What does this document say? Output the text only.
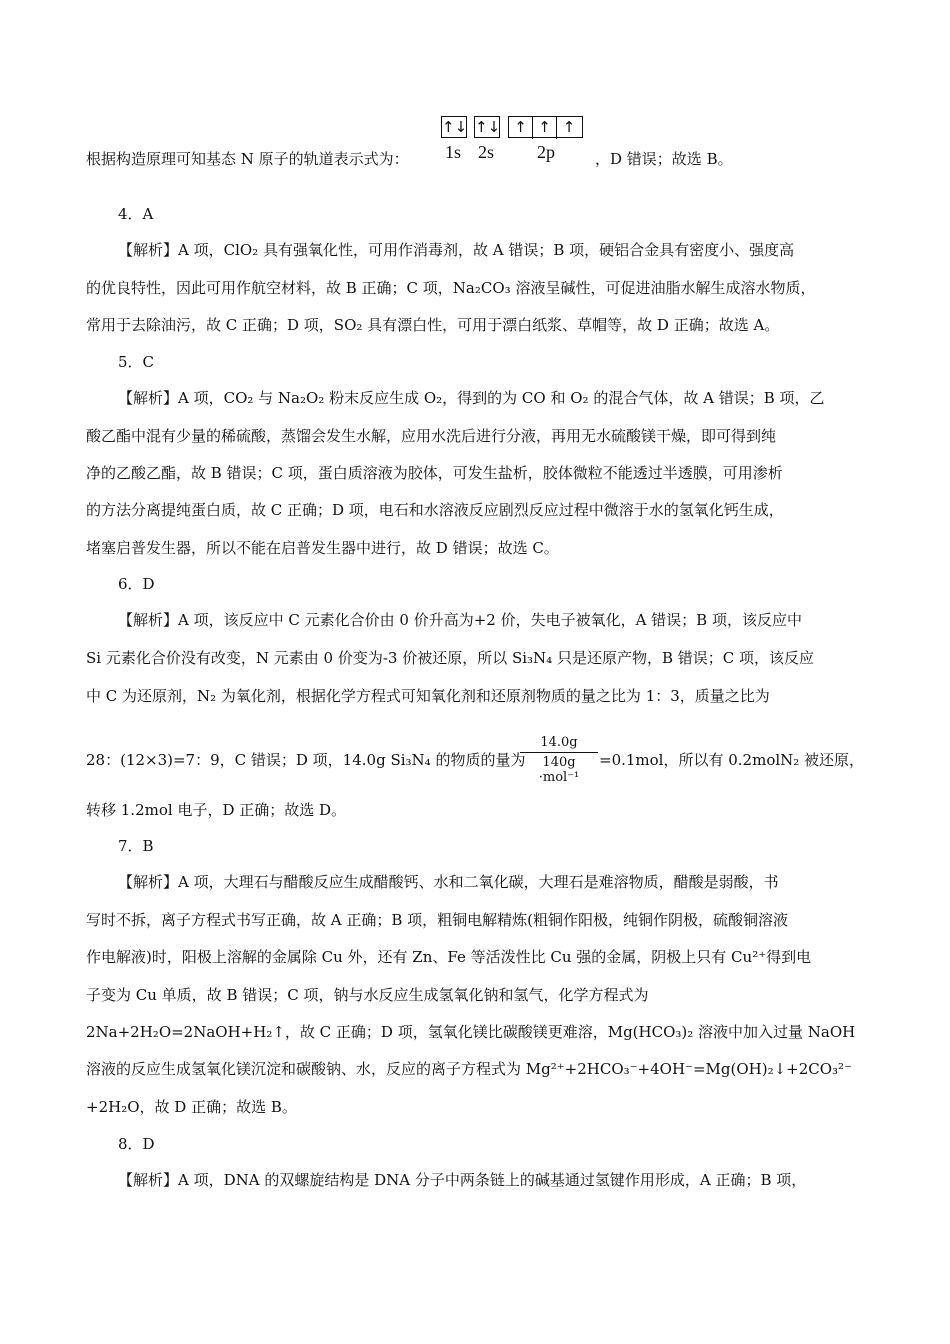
根据构造原理可知基态 N 原子的轨道表示式为：
↑↓ ↑↓ ↑ ↑ ↑
1s 2s 2p	，D 错误；故选 B。
4．A
【解析】A 项，ClO₂ 具有强氧化性，可用作消毒剂，故 A 错误；B 项，硬铝合金具有密度小、强度高
的优良特性，因此可用作航空材料，故 B 正确；C 项，Na₂CO₃ 溶液呈碱性，可促进油脂水解生成溶水物质，
常用于去除油污，故 C 正确；D 项，SO₂ 具有漂白性，可用于漂白纸浆、草帽等，故 D 正确；故选 A。
5．C
【解析】A 项，CO₂ 与 Na₂O₂ 粉末反应生成 O₂，得到的为 CO 和 O₂ 的混合气体，故 A 错误；B 项，乙
酸乙酯中混有少量的稀硫酸，蒸馏会发生水解，应用水洗后进行分液，再用无水硫酸镁干燥，即可得到纯
净的乙酸乙酯，故 B 错误；C 项，蛋白质溶液为胶体，可发生盐析，胶体微粒不能透过半透膜，可用渗析
的方法分离提纯蛋白质，故 C 正确；D 项，电石和水溶液反应剧烈反应过程中微溶于水的氢氧化钙生成，
堵塞启普发生器，所以不能在启普发生器中进行，故 D 错误；故选 C。
6．D
【解析】A 项，该反应中 C 元素化合价由 0 价升高为+2 价，失电子被氧化，A 错误；B 项，该反应中
Si 元素化合价没有改变，N 元素由 0 价变为-3 价被还原，所以 Si₃N₄ 只是还原产物，B 错误；C 项，该反应
中 C 为还原剂，N₂ 为氧化剂，根据化学方程式可知氧化剂和还原剂物质的量之比为 1：3，质量之比为
28：(12×3)=7：9，C 错误；D 项，14.0g Si₃N₄ 的物质的量为
14.0g
140g ·mol⁻¹
=0.1mol，所以有 0.2molN₂ 被还原，
转移 1.2mol 电子，D 正确；故选 D。
7．B
【解析】A 项，大理石与醋酸反应生成醋酸钙、水和二氧化碳，大理石是难溶物质，醋酸是弱酸，书
写时不拆，离子方程式书写正确，故 A 正确；B 项，粗铜电解精炼(粗铜作阳极，纯铜作阴极，硫酸铜溶液
作电解液)时，阳极上溶解的金属除 Cu 外，还有 Zn、Fe 等活泼性比 Cu 强的金属，阴极上只有 Cu²⁺得到电
子变为 Cu 单质，故 B 错误；C 项，钠与水反应生成氢氧化钠和氢气，化学方程式为
2Na+2H₂O=2NaOH+H₂↑，故 C 正确；D 项，氢氧化镁比碳酸镁更难溶，Mg(HCO₃)₂ 溶液中加入过量 NaOH
溶液的反应生成氢氧化镁沉淀和碳酸钠、水，反应的离子方程式为 Mg²⁺+2HCO₃⁻+4OH⁻=Mg(OH)₂↓+2CO₃²⁻
+2H₂O，故 D 正确；故选 B。
8．D
【解析】A 项，DNA 的双螺旋结构是 DNA 分子中两条链上的碱基通过氢键作用形成，A 正确；B 项，
